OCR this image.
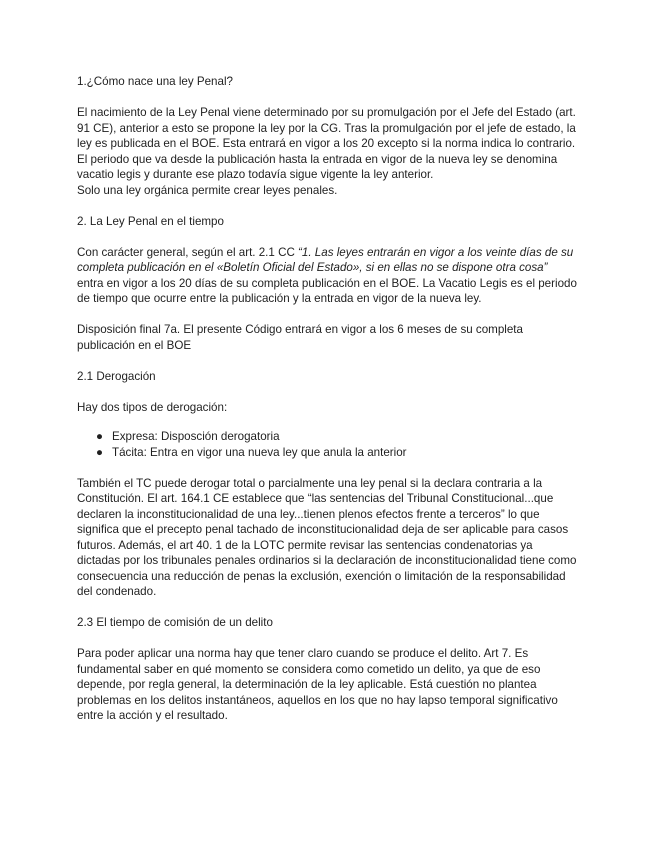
1.¿Cómo nace una ley Penal?

El nacimiento de la Ley Penal viene determinado por su promulgación por el Jefe del Estado (art. 91 CE), anterior a esto se propone la ley por la CG. Tras la promulgación por el jefe de estado, la ley es publicada en el BOE. Esta entrará en vigor a los 20 excepto si la norma indica lo contrario. El periodo que va desde la publicación hasta la entrada en vigor de la nueva ley se denomina vacatio legis y durante ese plazo todavía sigue vigente la ley anterior.

Solo una ley orgánica permite crear leyes penales.

2. La Ley Penal en el tiempo

Con carácter general, según el art. 2.1 CC “1. Las leyes entrarán en vigor a los veinte días de su completa publicación en el «Boletín Oficial del Estado», si en ellas no se dispone otra cosa” entra en vigor a los 20 días de su completa publicación en el BOE. La Vacatio Legis es el periodo de tiempo que ocurre entre la publicación y la entrada en vigor de la nueva ley.

Disposición final 7a. El presente Código entrará en vigor a los 6 meses de su completa publicación en el BOE

2.1 Derogación

Hay dos tipos de derogación:

● Expresa: Disposción derogatoria
● Tácita: Entra en vigor una nueva ley que anula la anterior

También el TC puede derogar total o parcialmente una ley penal si la declara contraria a la Constitución. El art. 164.1 CE establece que “las sentencias del Tribunal Constitucional...que declaren la inconstitucionalidad de una ley...tienen plenos efectos frente a terceros” lo que significa que el precepto penal tachado de inconstitucionalidad deja de ser aplicable para casos futuros. Además, el art 40. 1 de la LOTC permite revisar las sentencias condenatorias ya dictadas por los tribunales penales ordinarios si la declaración de inconstitucionalidad tiene como consecuencia una reducción de penas la exclusión, exención o limitación de la responsabilidad del condenado.

2.3 El tiempo de comisión de un delito

Para poder aplicar una norma hay que tener claro cuando se produce el delito. Art 7. Es fundamental saber en qué momento se considera como cometido un delito, ya que de eso depende, por regla general, la determinación de la ley aplicable. Está cuestión no plantea problemas en los delitos instantáneos, aquellos en los que no hay lapso temporal significativo entre la acción y el resultado.
